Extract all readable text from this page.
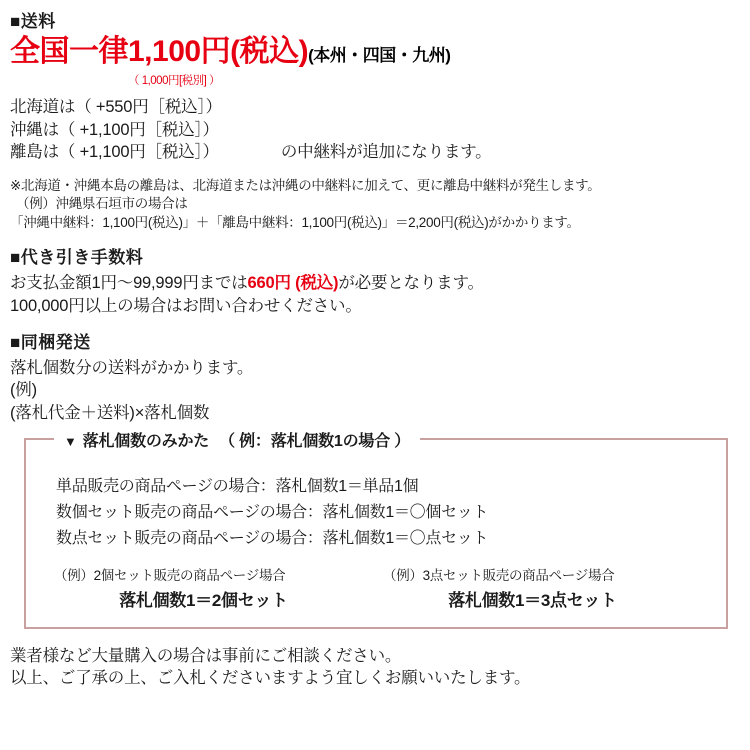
■送料
全国一律1,100円(税込)(本州・四国・九州)
（ 1,000円[税別] ）
北海道は（ +550円［税込］）
沖縄は（ +1,100円［税込］）
離島は（ +1,100円［税込］）	の中継料が追加になります。
※北海道・沖縄本島の離島は、北海道または沖縄の中継料に加えて、更に離島中継料が発生します。
（例）沖縄県石垣市の場合は
「沖縄中継料：1,100円(税込)」＋「離島中継料：1,100円(税込)」＝2,200円(税込)がかかります。
■代き引き手数料
お支払金額1円～99,999円までは660円 (税込)が必要となります。
100,000円以上の場合はお問い合わせください。
■同梱発送
落札個数分の送料がかかります。
(例)
(落札代金＋送料)×落札個数
▼ 落札個数のみかた （ 例：落札個数1の場合 ）
単品販売の商品ページの場合：落札個数1＝単品1個
数個セット販売の商品ページの場合：落札個数1＝〇個セット
数点セット販売の商品ページの場合：落札個数1＝〇点セット
（例）2個セット販売の商品ページ場合
落札個数1＝2個セット
（例）3点セット販売の商品ページ場合
落札個数1＝3点セット
業者様など大量購入の場合は事前にご相談ください。
以上、ご了承の上、ご入札くださいますよう宜しくお願いいたします。
